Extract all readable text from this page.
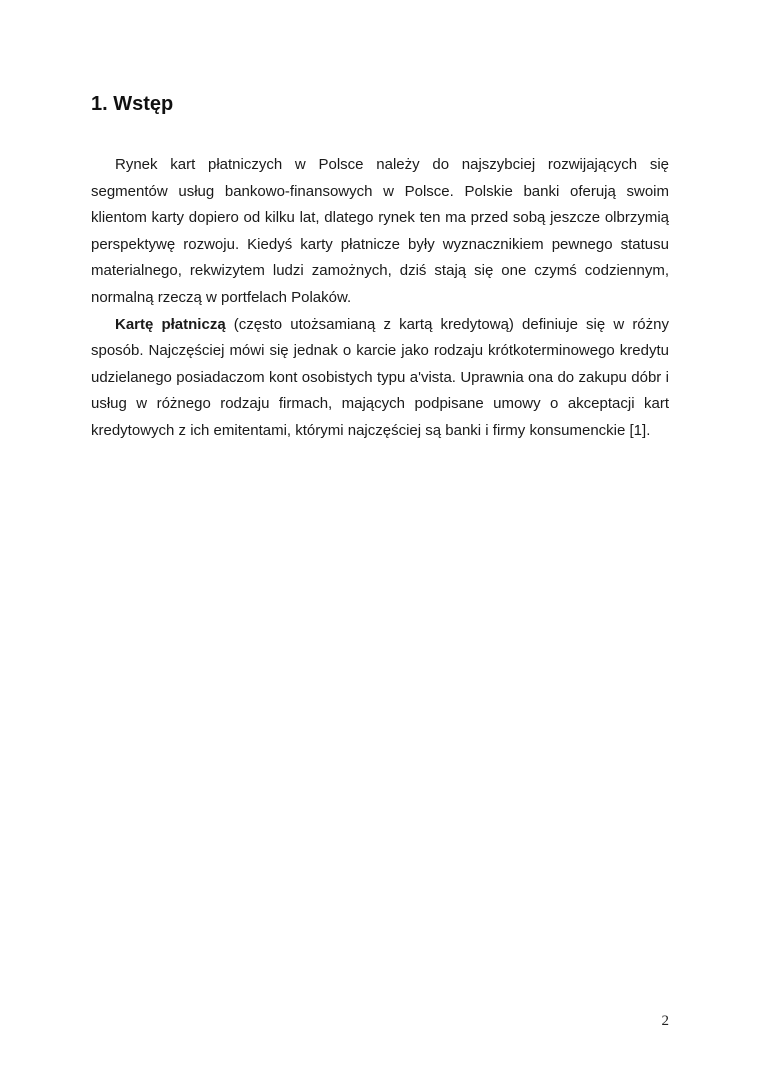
1. Wstęp

Rynek kart płatniczych w Polsce należy do najszybciej rozwijających się segmentów usług bankowo-finansowych w Polsce. Polskie banki oferują swoim klientom karty dopiero od kilku lat, dlatego rynek ten ma przed sobą jeszcze olbrzymią perspektywę rozwoju. Kiedyś karty płatnicze były wyznacznikiem pewnego statusu materialnego, rekwizytem ludzi zamożnych, dziś stają się one czymś codziennym, normalną rzeczą w portfelach Polaków.

Kartę płatniczą (często utożsamianą z kartą kredytową) definiuje się w różny sposób. Najczęściej mówi się jednak o karcie jako rodzaju krótkoterminowego kredytu udzielanego posiadaczom kont osobistych typu a'vista. Uprawnia ona do zakupu dóbr i usług w różnego rodzaju firmach, mających podpisane umowy o akceptacji kart kredytowych z ich emitentami, którymi najczęściej są banki i firmy konsumenckie [1].

2
